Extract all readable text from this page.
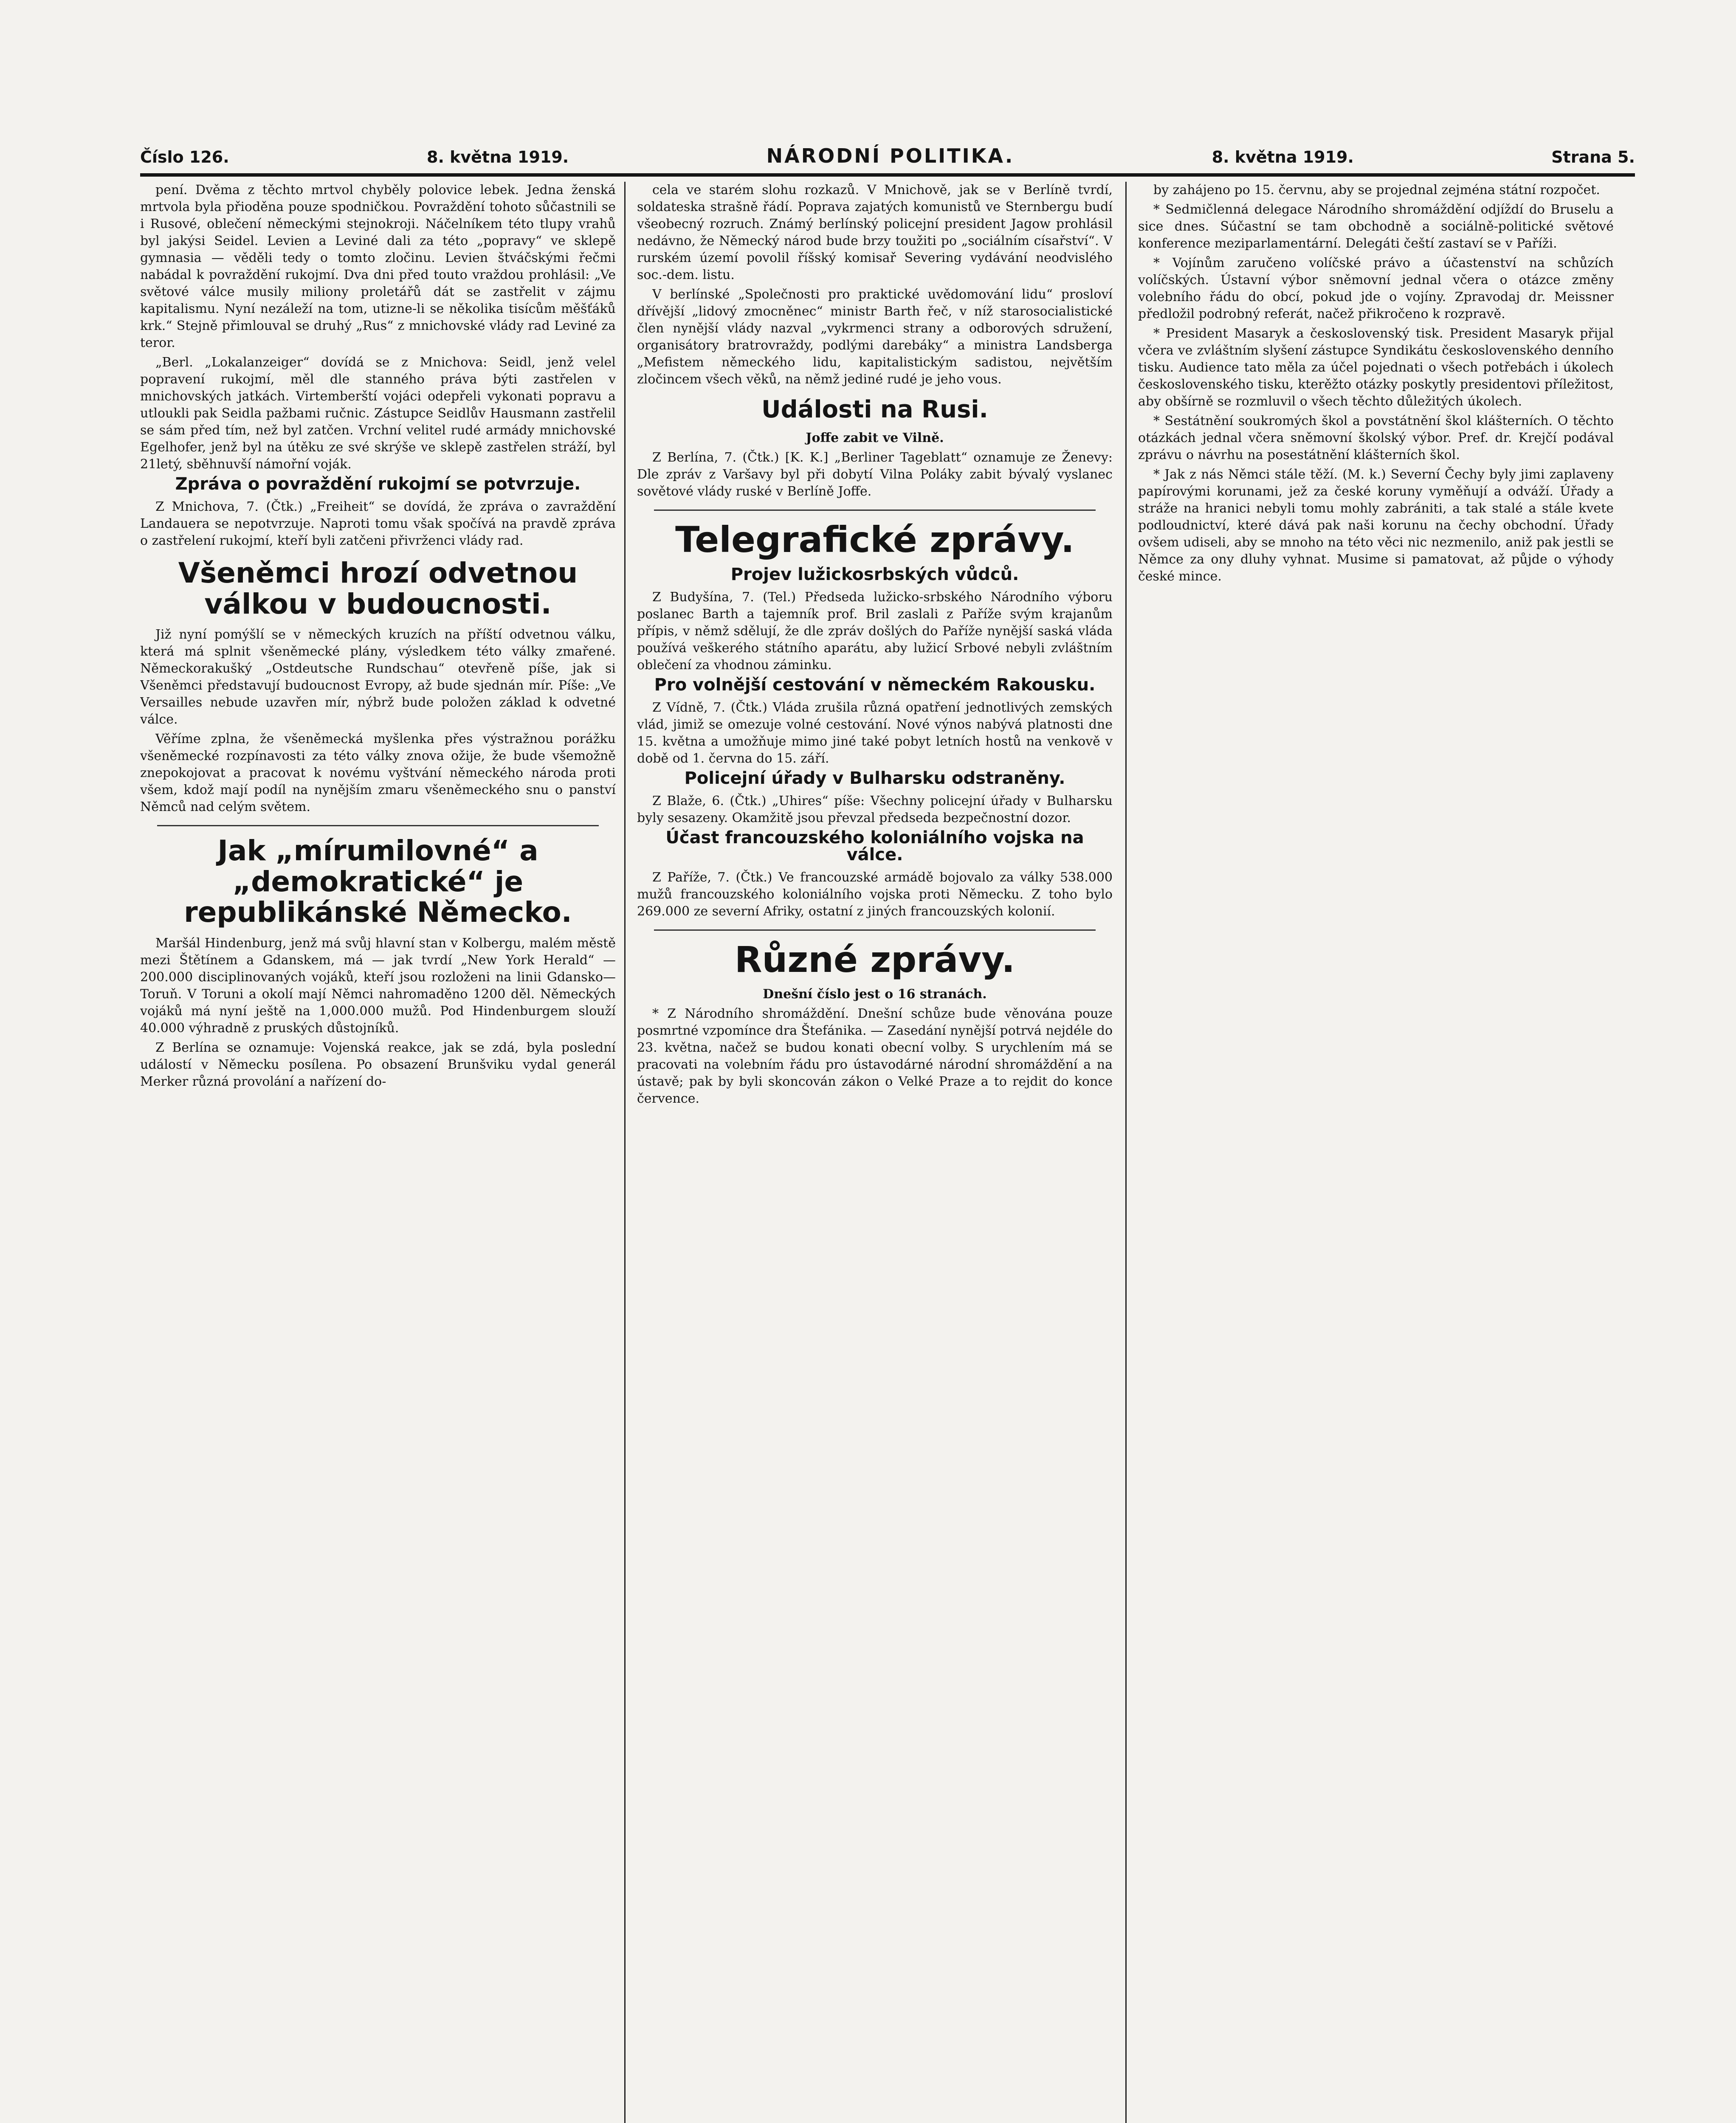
Číslo 126.	8. května 1919.	NÁRODNÍ POLITIKA.	8. května 1919.	Strana 5.

pení. Dvěma z těchto mrtvol chyběly polovice lebek. Jedna ženská mrtvola byla přioděna pouze spodničkou. Povraždění tohoto sůčastnili se i Rusové, oblečení německými stejnokroji. Náčelníkem této tlupy vrahů byl jakýsi Seidel. Levien a Leviné dali za této „popravy“ ve sklepě gymnasia — věděli tedy o tomto zločinu. Levien štváčskými řečmi nabádal k povraždění rukojmí. Dva dni před touto vraždou prohlásil: „Ve světové válce musily miliony proletářů dát se zastřelit v zájmu kapitalismu. Nyní nezáleží na tom, utizne-li se několika tisícům měšťáků krk.“ Stejně přimlouval se druhý „Rus“ z mnichovské vlády rad Leviné za teror.

„Berl. „Lokalanzeiger“ dovídá se z Mnichova: Seidl, jenž velel popravení rukojmí, měl dle stanného práva býti zastřelen v mnichovských jatkách. Virtemberští vojáci odepřeli vykonati popravu a utloukli pak Seidla pažbami ručnic. Zástupce Seidlův Hausmann zastřelil se sám před tím, než byl zatčen. Vrchní velitel rudé armády mnichovské Egelhofer, jenž byl na útěku ze své skrýše ve sklepě zastřelen stráží, byl 21letý, sběhnuvší námořní voják.

Zpráva o povraždění rukojmí se potvrzuje.

Z Mnichova, 7. (Čtk.) „Freiheit“ se dovídá, že zpráva o zavraždění Landauera se nepotvrzuje. Naproti tomu však spočívá na pravdě zpráva o zastřelení rukojmí, kteří byli zatčeni přivrženci vlády rad.

Všeněmci hrozí odvetnou válkou v budoucnosti.

Již nyní pomýšlí se v německých kruzích na příští odvetnou válku, která má splnit všeněmecké plány, výsledkem této války zmařené. Německorakušký „Ostdeutsche Rundschau“ otevřeně píše, jak si Všeněmci představují budoucnost Evropy, až bude sjednán mír. Píše: „Ve Versailles nebude uzavřen mír, nýbrž bude položen základ k odvetné válce.

Věříme zplna, že všeněmecká myšlenka přes výstražnou porážku všeněmecké rozpínavosti za této války znova ožije, že bude všemožně znepokojovat a pracovat k novému vyštvání německého národa proti všem, kdož mají podíl na nynějším zmaru všeněmeckého snu o panství Němců nad celým světem.

Jak „mírumilovné“ a „demokratické“ je republikánské Německo.

Maršál Hindenburg, jenž má svůj hlavní stan v Kolbergu, malém městě mezi Štětínem a Gdanskem, má — jak tvrdí „New York Herald“ — 200.000 disciplinovaných vojáků, kteří jsou rozloženi na linii Gdansko—Toruň. V Toruni a okolí mají Němci nahromaděno 1200 děl. Německých vojáků má nyní ještě na 1,000.000 mužů. Pod Hindenburgem slouží 40.000 výhradně z pruských důstojníků.

Z Berlína se oznamuje: Vojenská reakce, jak se zdá, byla poslední událostí v Německu posílena. Po obsazení Brunšviku vydal generál Merker různá provolání a nařízení do-

cela ve starém slohu rozkazů. V Mnichově, jak se v Berlíně tvrdí, soldateska strašně řádí. Poprava zajatých komunistů ve Sternbergu budí všeobecný rozruch. Známý berlínský policejní president Jagow prohlásil nedávno, že Německý národ bude brzy toužiti po „sociálním císařství“. V rurském území povolil říšský komisař Severing vydávání neodvislého soc.-dem. listu.

V berlínské „Společnosti pro praktické uvědomování lidu“ prosloví dřívější „lidový zmocněnec“ ministr Barth řeč, v níž starosocialistické člen nynější vlády nazval „vykrmenci strany a odborových sdružení, organisátory bratrovraždy, podlými darebáky“ a ministra Landsberga „Mefistem německého lidu, kapitalistickým sadistou, největším zločincem všech věků, na němž jediné rudé je jeho vous.

Události na Rusi.

Joffe zabit ve Vilně.

Z Berlína, 7. (Čtk.) [K. K.] „Berliner Tageblatt“ oznamuje ze Ženevy: Dle zpráv z Varšavy byl při dobytí Vilna Poláky zabit bývalý vyslanec sovětové vlády ruské v Berlíně Joffe.

Telegrafické zprávy.
Projev lužickosrbských vůdců.

Z Budyšína, 7. (Tel.) Předseda lužicko-srbského Národního výboru poslanec Barth a tajemník prof. Bril zaslali z Paříže svým krajanům přípis, v němž sdělují, že dle zpráv došlých do Paříže nynější saská vláda používá veškerého státního aparátu, aby lužicí Srbové nebyli zvláštním oblečení za vhodnou záminku.

Pro volnější cestování v německém Rakousku.

Z Vídně, 7. (Čtk.) Vláda zrušila různá opatření jednotlivých zemských vlád, jimiž se omezuje volné cestování. Nové výnos nabývá platnosti dne 15. května a umožňuje mimo jiné také pobyt letních hostů na venkově v době od 1. června do 15. září.

Policejní úřady v Bulharsku odstraněny.

Z Blaže, 6. (Čtk.) „Uhires“ píše: Všechny policejní úřady v Bulharsku byly sesazeny. Okamžitě jsou převzal předseda bezpečnostní dozor.

Účast francouzského koloniálního vojska na válce.

Z Paříže, 7. (Čtk.) Ve francouzské armádě bojovalo za války 538.000 mužů francouzského koloniálního vojska proti Německu. Z toho bylo 269.000 ze severní Afriky, ostatní z jiných francouzských kolonií.

Různé zprávy.

Dnešní číslo jest o 16 stranách.

* Z Národního shromáždění. Dnešní schůze bude věnována pouze posmrtné vzpomínce dra Štefánika. — Zasedání nynější potrvá nejdéle do 23. května, načež se budou konati obecní volby. S urychlením má se pracovati na volebním řádu pro ústavodárné národní shromáždění a na ústavě; pak by byli skoncován zákon o Velké Praze a to rejdit do konce července.

by zahájeno po 15. červnu, aby se projednal zejména státní rozpočet.

* Sedmičlenná delegace Národního shromáždění odjíždí do Bruselu a sice dnes. Súčastní se tam obchodně a sociálně-politické světové konference meziparlamentární. Delegáti čeští zastaví se v Paříži.

* Vojínům zaručeno volíčské právo a účastenství na schůzích volíčských. Ústavní výbor sněmovní jednal včera o otázce změny volebního řádu do obcí, pokud jde o vojíny. Zpravodaj dr. Meissner předložil podrobný referát, načež přikročeno k rozpravě.

* President Masaryk a československý tisk. President Masaryk přijal včera ve zvláštním slyšení zástupce Syndikátu československého denního tisku. Audience tato měla za účel pojednati o všech potřebách i úkolech československého tisku, kterěžto otázky poskytly presidentovi příležitost, aby obšírně se rozmluvil o všech těchto důležitých úkolech.

* Sestátnění soukromých škol a povstátnění škol klášterních. O těchto otázkách jednal včera sněmovní školský výbor. Pref. dr. Krejčí podával zprávu o návrhu na posestátnění klášterních škol.

* Jak z nás Němci stále těží. (M. k.) Severní Čechy byly jimi zaplaveny papírovými korunami, jež za české koruny vyměňují a odváží. Úřady a stráže na hranici nebyli tomu mohly zabrániti, a tak stalé a stále kvete podloudnictví, které dává pak naši korunu na čechy obchodní. Úřady ovšem udiseli, aby se mnoho na této věci nic nezmenilo, aniž pak jestli se Němce za ony dluhy vyhnat. Musime si pamatovat, až půjde o výhody české mince.
